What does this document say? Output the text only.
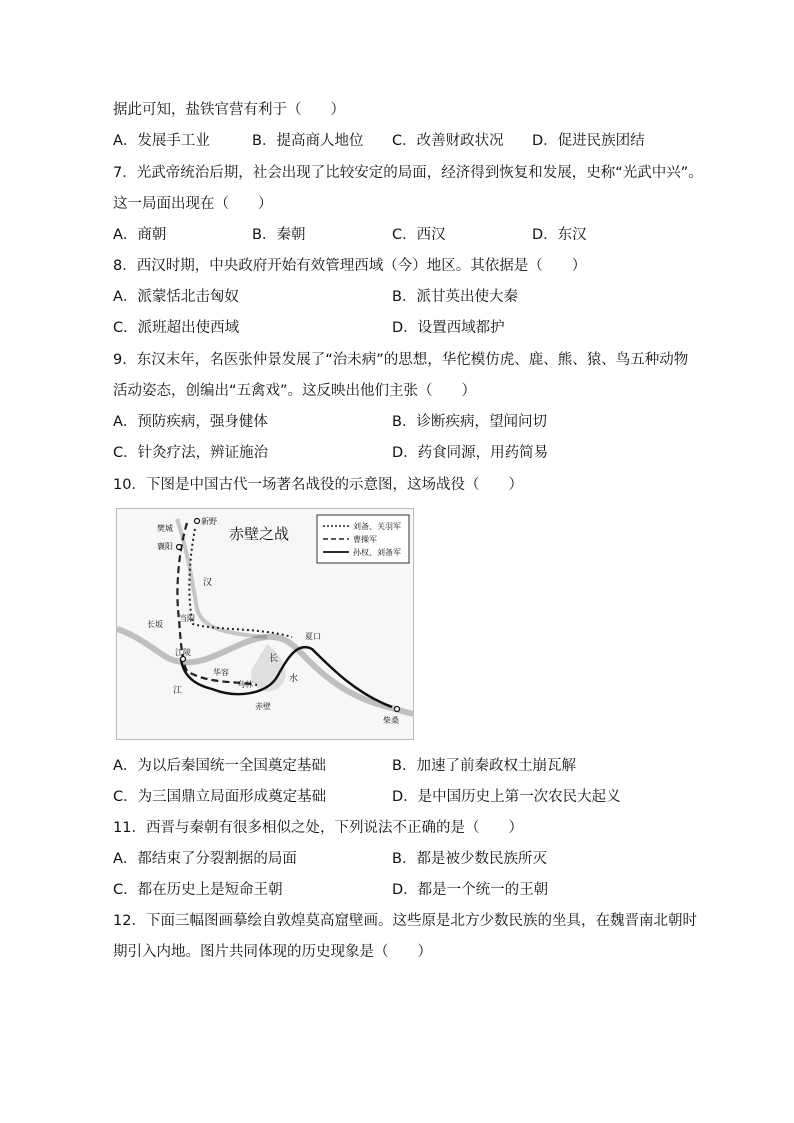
据此可知，盐铁官营有利于（　　）
A．发展手工业	B．提高商人地位 C．改善财政状况 D．促进民族团结
7．光武帝统治后期，社会出现了比较安定的局面，经济得到恢复和发展，史称“光武中兴”。
这一局面出现在（　　）
A．商朝	B．秦朝	C．西汉	D．东汉
8．西汉时期，中央政府开始有效管理西域（今）地区。其依据是（　　）
A．派蒙恬北击匈奴	B．派甘英出使大秦
C．派班超出使西域	D．设置西域都护
9．东汉末年，名医张仲景发展了“治未病”的思想，华佗模仿虎、鹿、熊、猿、鸟五种动物
活动姿态，创编出“五禽戏”。这反映出他们主张（　　）
A．预防疾病，强身健体	B．诊断疾病，望闻问切
C．针灸疗法，辨证施治	D．药食同源，用药简易
10．下图是中国古代一场著名战役的示意图，这场战役（　　）
赤壁之战	刘备、关羽军
曹操军
孙权、刘备军
新野
樊城
襄阳
当阳
长坂
江陵
华容
乌林
赤壁
夏口
柴桑
汉
江
水
长
A．为以后秦国统一全国奠定基础	B．加速了前秦政权土崩瓦解
C．为三国鼎立局面形成奠定基础	D．是中国历史上第一次农民大起义
11．西晋与秦朝有很多相似之处，下列说法不正确的是（　　）
A．都结束了分裂割据的局面	B．都是被少数民族所灭
C．都在历史上是短命王朝	D．都是一个统一的王朝
12．下面三幅图画摹绘自敦煌莫高窟壁画。这些原是北方少数民族的坐具，在魏晋南北朝时
期引入内地。图片共同体现的历史现象是（　　）
